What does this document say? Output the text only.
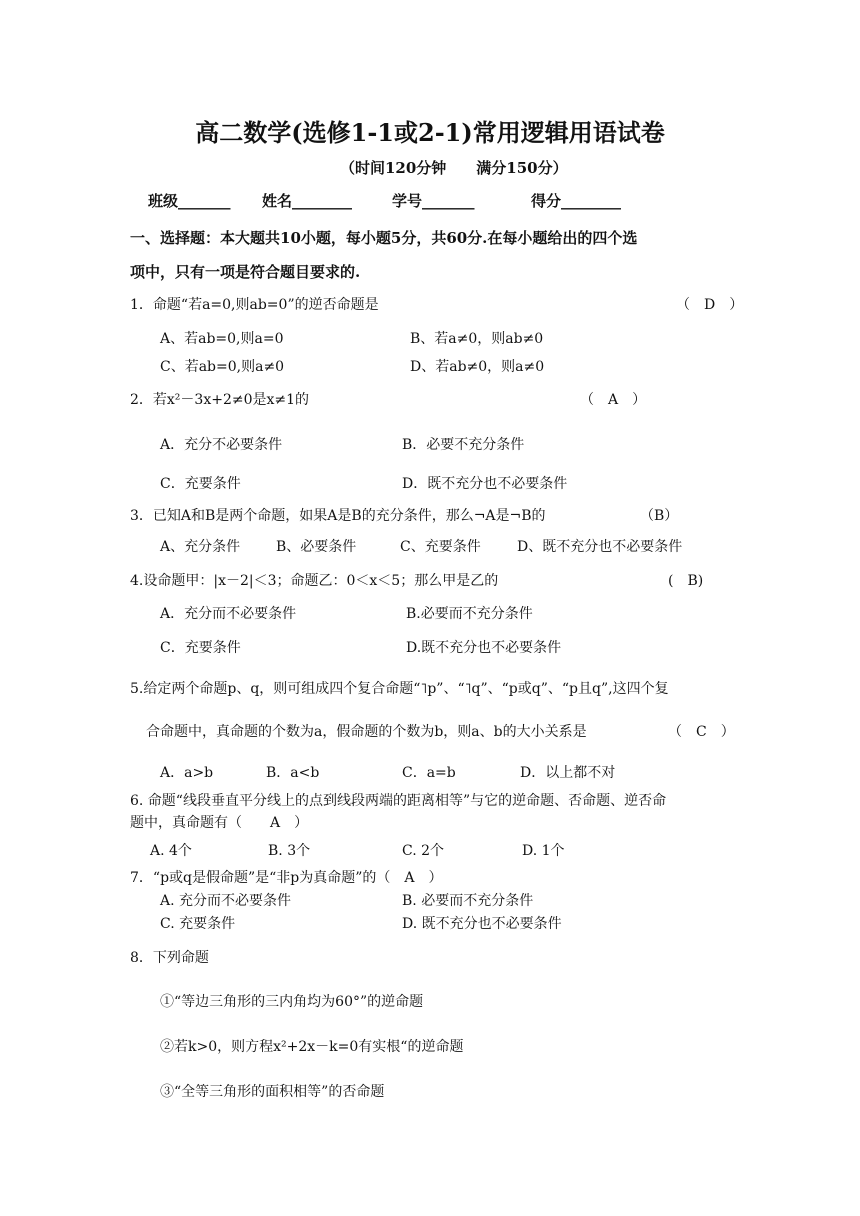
高二数学(选修1-1或2-1)常用逻辑用语试卷
（时间120分钟　　满分150分）
班级_______ 姓名________	学号_______	得分________
一、选择题：本大题共10小题，每小题5分，共60分.在每小题给出的四个选
项中，只有一项是符合题目要求的.
1．命题“若a=0,则ab=0”的逆否命题是	（　D　）
A、若ab=0,则a=0	B、若a≠0，则ab≠0
C、若ab=0,则a≠0	D、若ab≠0，则a≠0
2．若x²－3x+2≠0是x≠1的	（　A　）
A．充分不必要条件	B．必要不充分条件
C．充要条件	D．既不充分也不必要条件
3．已知A和B是两个命题，如果A是B的充分条件，那么¬A是¬B的	（B）
A、充分条件	B、必要条件	C、充要条件	D、既不充分也不必要条件
4.设命题甲：|x－2|＜3；命题乙：0＜x＜5；那么甲是乙的	(　B)
A．充分而不必要条件	B.必要而不充分条件
C．充要条件	D.既不充分也不必要条件
5.给定两个命题p、q，则可组成四个复合命题“˥p”、“˥q”、“p或q”、“p且q”,这四个复
合命题中，真命题的个数为a，假命题的个数为b，则a、b的大小关系是	（　C　）
A．a>b	B．a<b	C．a=b	D．以上都不对
6. 命题“线段垂直平分线上的点到线段两端的距离相等”与它的逆命题、否命题、逆否命
题中，真命题有（　　A　）
A. 4个	B. 3个	C. 2个	D. 1个
7．“p或q是假命题”是“非p为真命题”的（　A　）
A. 充分而不必要条件	B. 必要而不充分条件
C. 充要条件	D. 既不充分也不必要条件
8．下列命题
①“等边三角形的三内角均为60°”的逆命题
②若k>0，则方程x²+2x－k=0有实根“的逆命题
③“全等三角形的面积相等”的否命题
